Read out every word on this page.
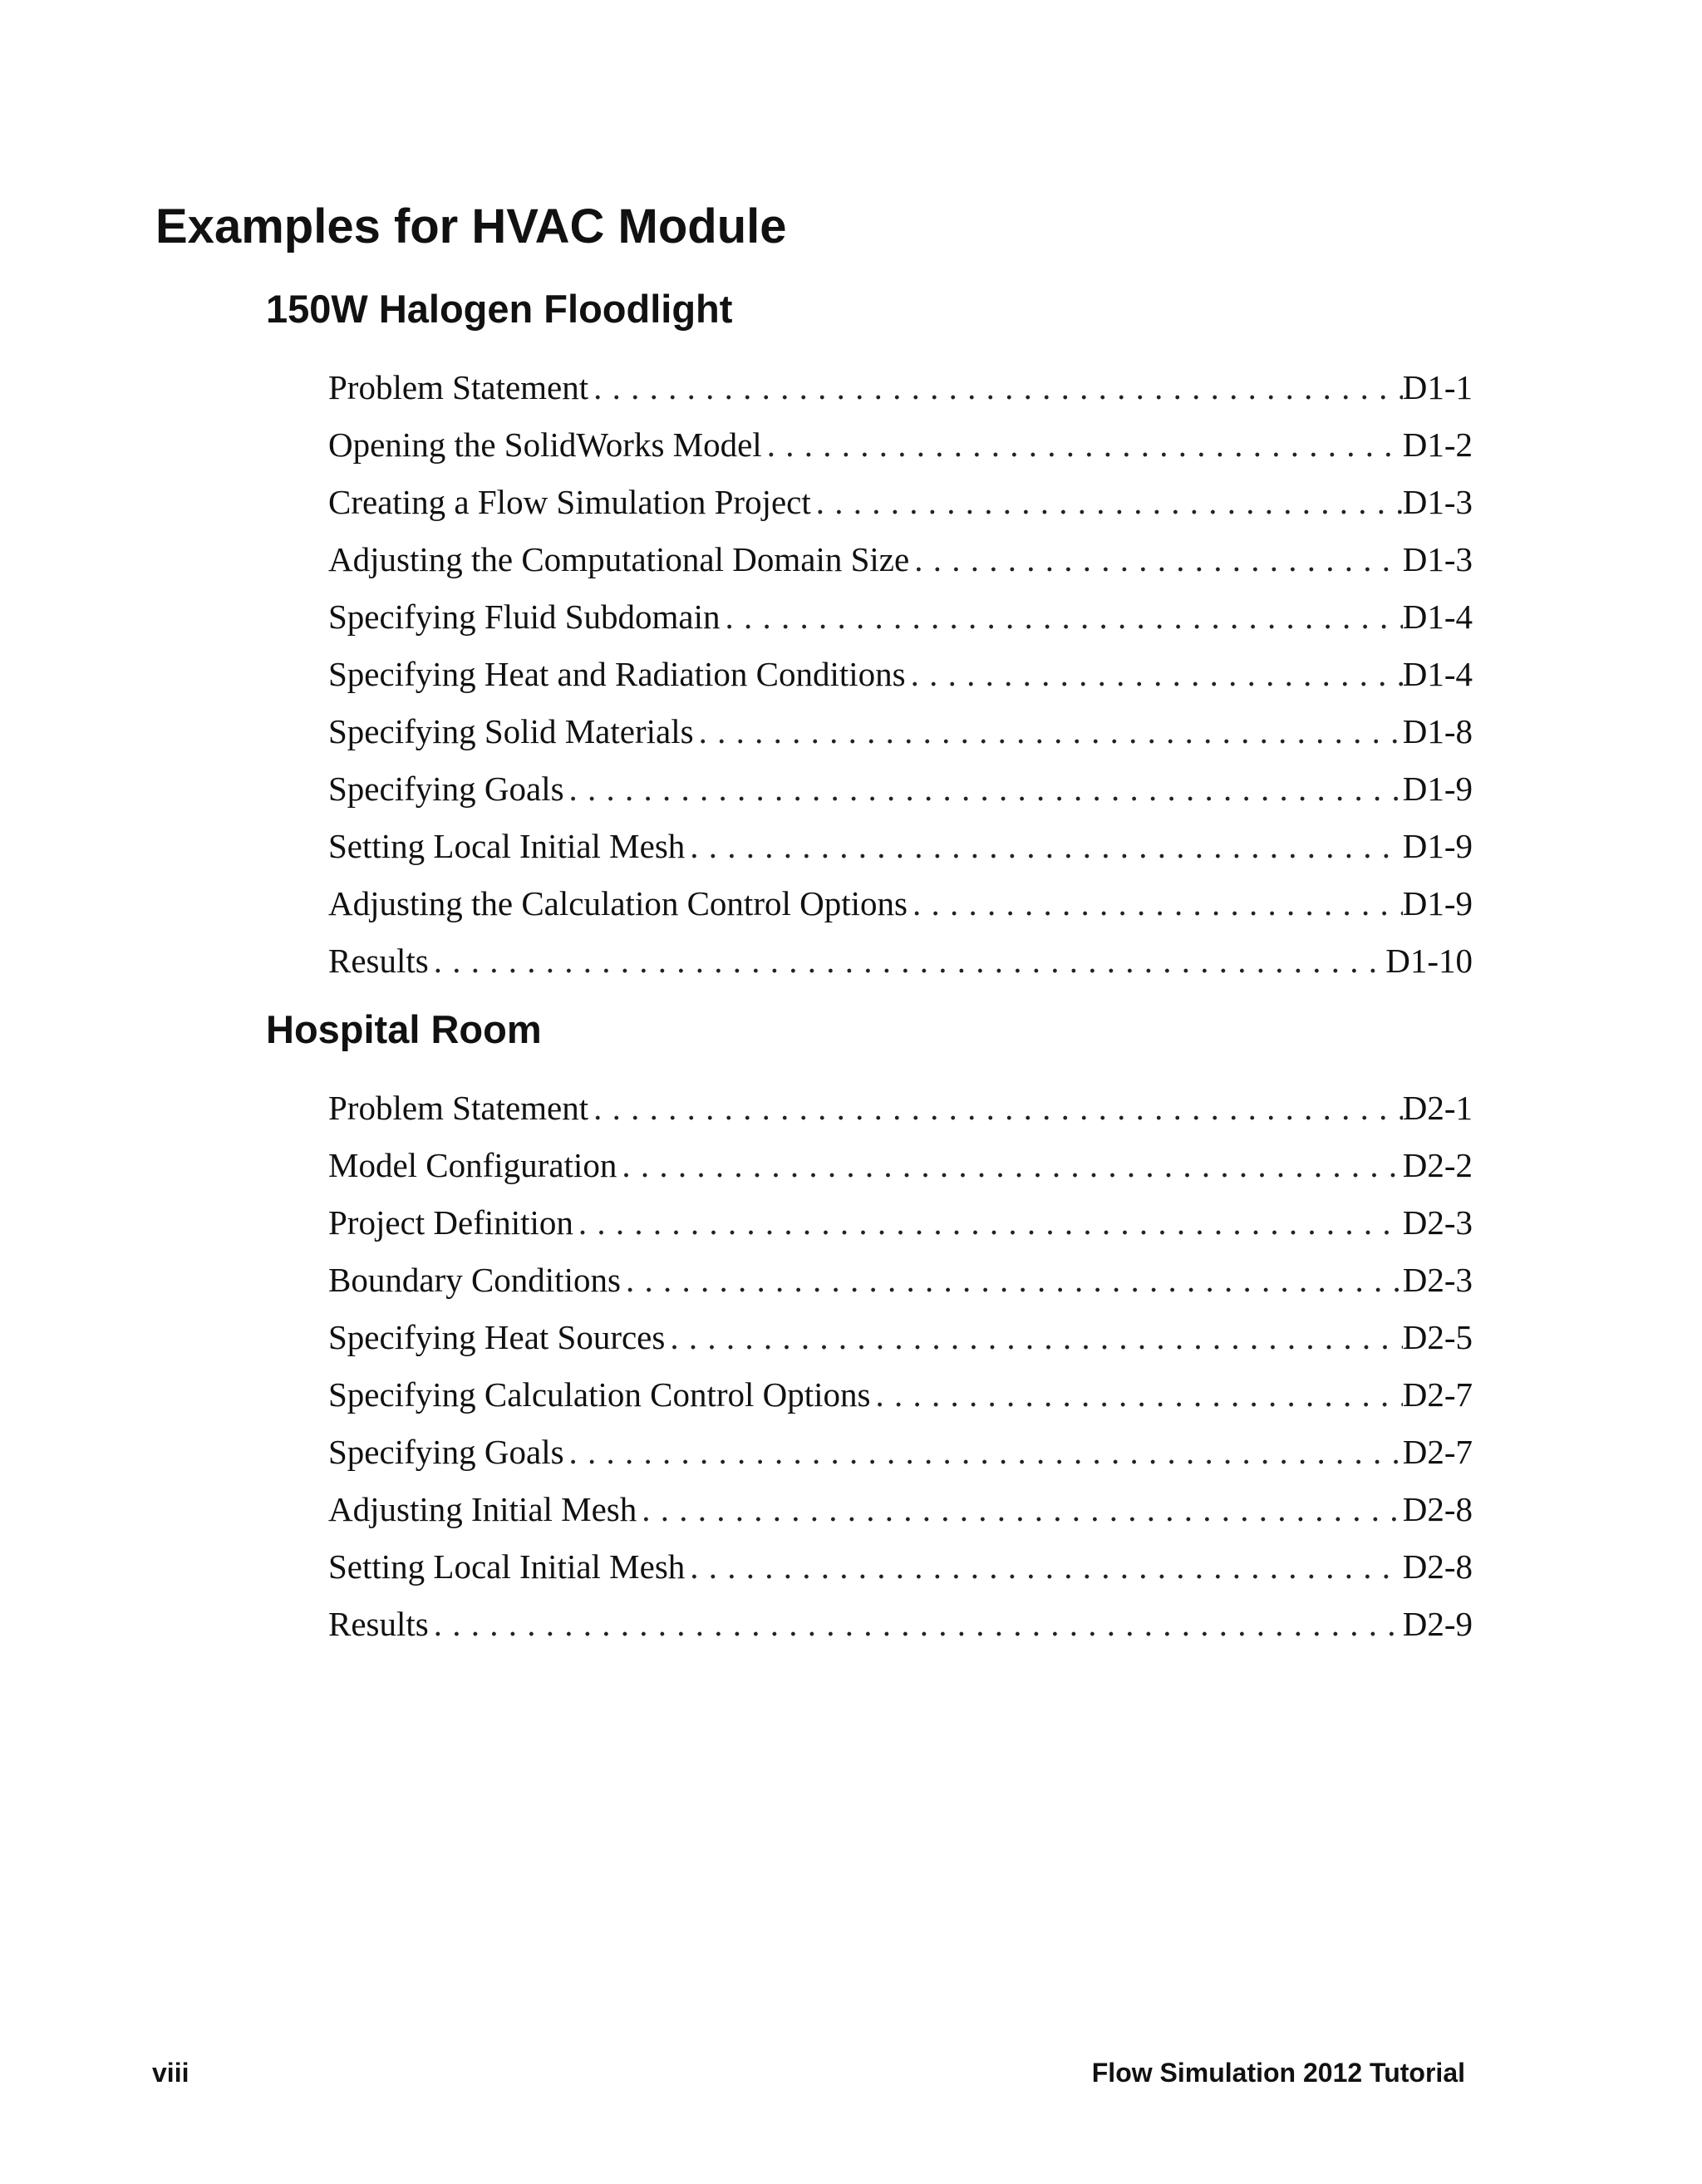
Examples for HVAC Module
150W Halogen Floodlight
Problem Statement . . .	D1-1
Opening the SolidWorks Model . . .	D1-2
Creating a Flow Simulation Project . . .	D1-3
Adjusting the Computational Domain Size . . .	D1-3
Specifying Fluid Subdomain . . .	D1-4
Specifying Heat and Radiation Conditions . . .	D1-4
Specifying Solid Materials . . .	D1-8
Specifying Goals . . .	D1-9
Setting Local Initial Mesh . . .	D1-9
Adjusting the Calculation Control Options . . .	D1-9
Results . . .	D1-10
Hospital Room
Problem Statement . . .	D2-1
Model Configuration . . .	D2-2
Project Definition . . .	D2-3
Boundary Conditions . . .	D2-3
Specifying Heat Sources . . .	D2-5
Specifying Calculation Control Options . . .	D2-7
Specifying Goals . . .	D2-7
Adjusting Initial Mesh . . .	D2-8
Setting Local Initial Mesh . . .	D2-8
Results . . .	D2-9
viii	Flow Simulation 2012 Tutorial
